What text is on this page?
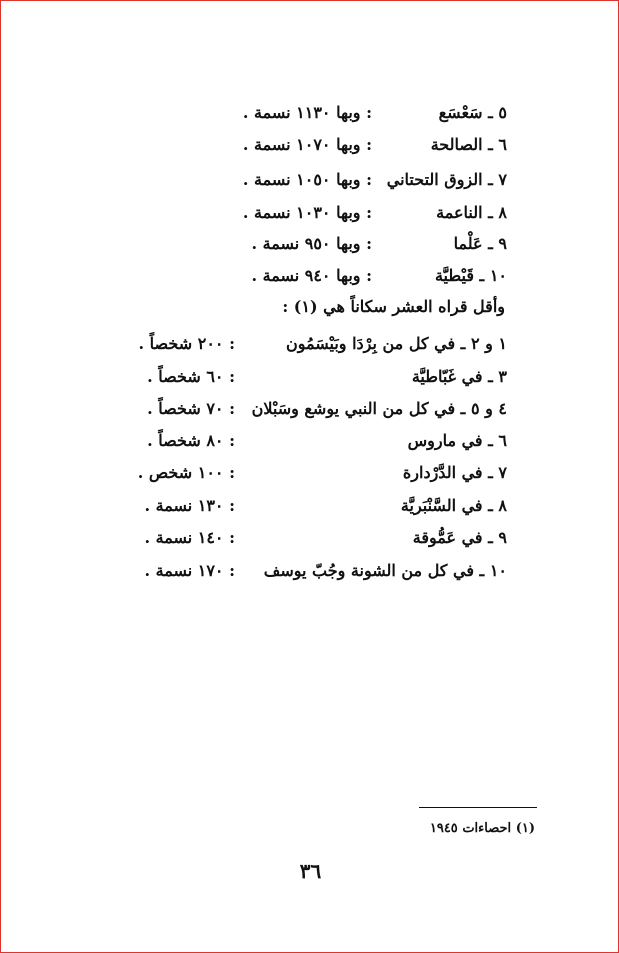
٥ ـ سَعْسَع
: وبها ١١٣٠ نسمة .
٦ ـ الصالحة
: وبها ١٠٧٠ نسمة .
٧ ـ الزوق التحتاني
: وبها ١٠٥٠ نسمة .
٨ ـ الناعمة
: وبها ١٠٣٠ نسمة .
٩ ـ عَلْما
: وبها ٩٥٠ نسمة .
١٠ ـ قَيْطيَّة
: وبها ٩٤٠ نسمة .
وأقل قراه العشر سكاناً هي (١) :
١ و ٢ ـ في كل من بِرْدَا وبَيْسَمُون
: ٢٠٠ شخصاً .
٣ ـ في غَبّاطيَّة
: ٦٠ شخصاً .
٤ و ٥ ـ في كل من النبي يوشع وسَبْلان
: ٧٠ شخصاً .
٦ ـ في ماروس
: ٨٠ شخصاً .
٧ ـ في الدَّرْدارة
: ١٠٠ شخص .
٨ ـ في السَّنْبَريَّة
: ١٣٠ نسمة .
٩ ـ في عَمُّوقة
: ١٤٠ نسمة .
١٠ ـ في كل من الشونة وجُبّ يوسف
: ١٧٠ نسمة .
(١) احصاءات ١٩٤٥
٣٦
